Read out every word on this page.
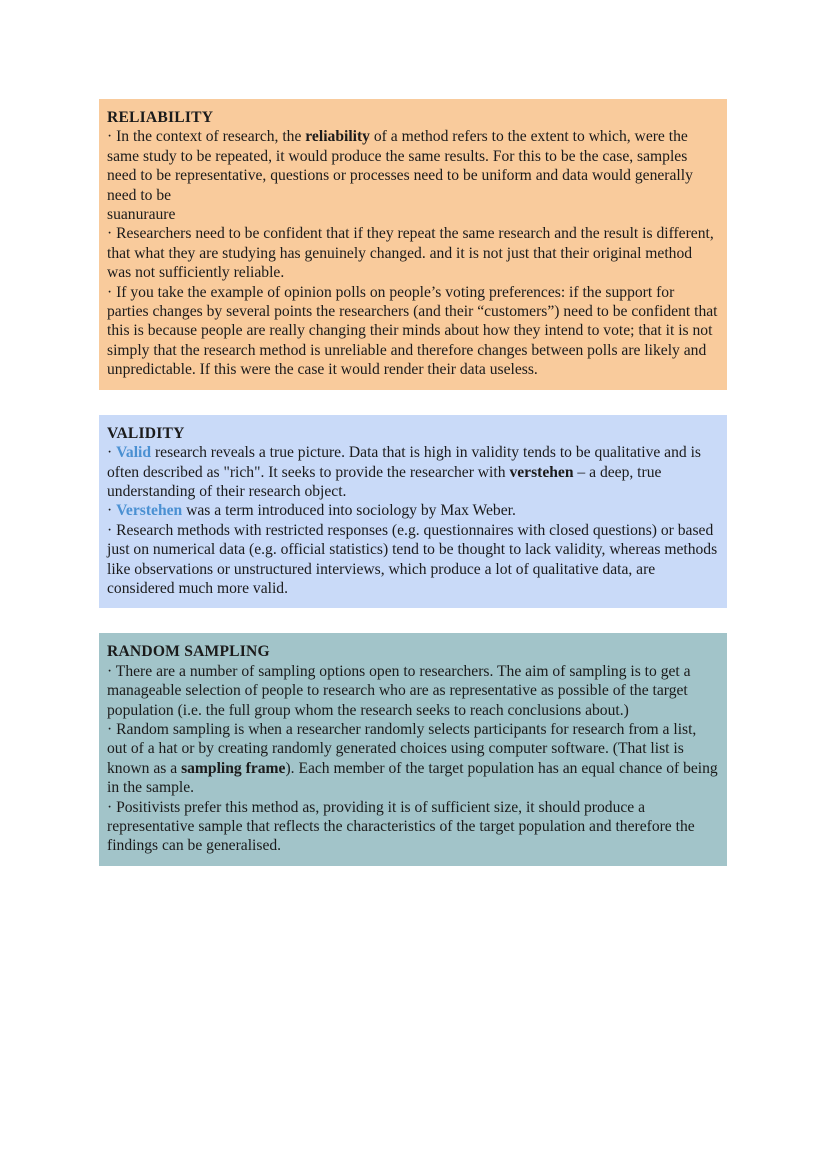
RELIABILITY

· In the context of research, the reliability of a method refers to the extent to which, were the same study to be repeated, it would produce the same results. For this to be the case, samples need to be representative, questions or processes need to be uniform and data would generally need to be

suanuraure

· Researchers need to be confident that if they repeat the same research and the result is different, that what they are studying has genuinely changed. and it is not just that their original method was not sufficiently reliable.

· If you take the example of opinion polls on people’s voting preferences: if the support for parties changes by several points the researchers (and their “customers”) need to be confident that this is because people are really changing their minds about how they intend to vote; that it is not simply that the research method is unreliable and therefore changes between polls are likely and unpredictable. If this were the case it would render their data useless.

VALIDITY

· Valid research reveals a true picture. Data that is high in validity tends to be qualitative and is often described as "rich". It seeks to provide the researcher with verstehen – a deep, true understanding of their research object.

· Verstehen was a term introduced into sociology by Max Weber.

· Research methods with restricted responses (e.g. questionnaires with closed questions) or based just on numerical data (e.g. official statistics) tend to be thought to lack validity, whereas methods like observations or unstructured interviews, which produce a lot of qualitative data, are considered much more valid.

RANDOM SAMPLING

· There are a number of sampling options open to researchers. The aim of sampling is to get a manageable selection of people to research who are as representative as possible of the target population (i.e. the full group whom the research seeks to reach conclusions about.)

· Random sampling is when a researcher randomly selects participants for research from a list, out of a hat or by creating randomly generated choices using computer software. (That list is known as a sampling frame). Each member of the target population has an equal chance of being in the sample.

· Positivists prefer this method as, providing it is of sufficient size, it should produce a representative sample that reflects the characteristics of the target population and therefore the findings can be generalised.
